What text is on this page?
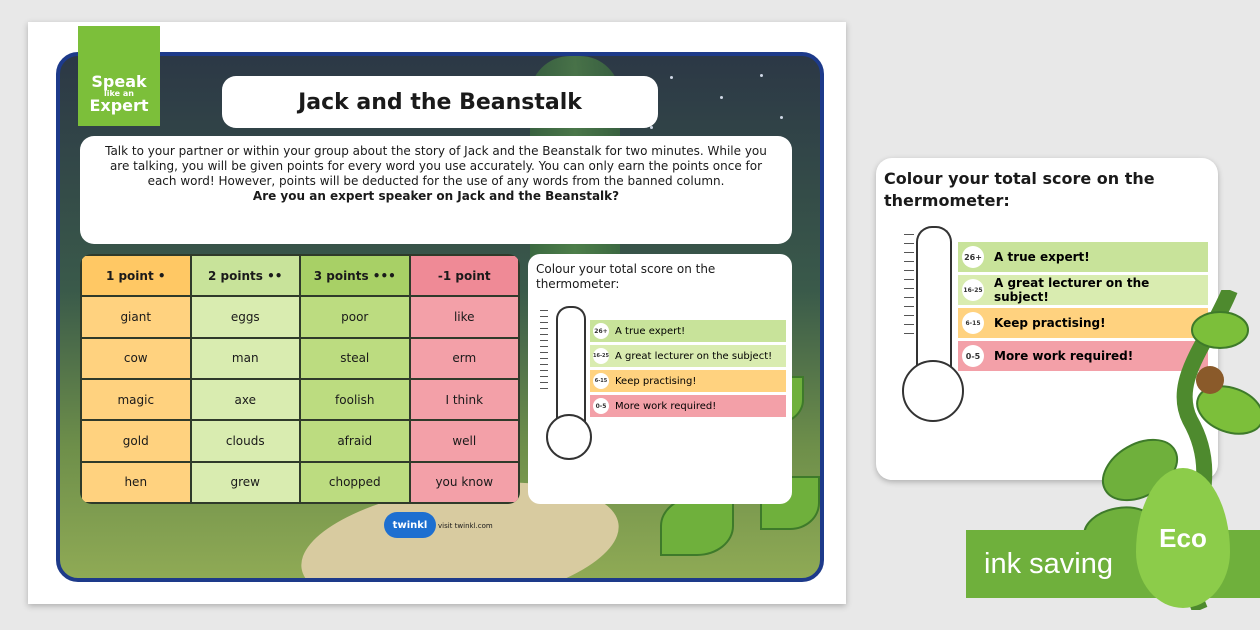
Speak
like an
Expert	Jack and the Beanstalk
Talk to your partner or within your group about the story of Jack and the Beanstalk for two minutes. While you are talking, you will be given points for every word you use accurately. You can only earn the points once for each word! However, points will be deducted for the use of any words from the banned column.
Are you an expert speaker on Jack and the Beanstalk?
1 point •	2 points ••	3 points •••	-1 point
giant	eggs	poor	like
cow	man	steal	erm
magic	axe	foolish	I think
gold	clouds	afraid	well
hen	grew	chopped	you know
Colour your total score on the thermometer:
26+ A true expert!
16-25 A great lecturer on the subject!
6-15 Keep practising!
0-5 More work required!
twinkl	visit twinkl.com
Colour your total score on the thermometer:
26+ A true expert!
16-25 A great lecturer on the subject!
6-15 Keep practising!
0-5	More work required!
ink saving
Eco
